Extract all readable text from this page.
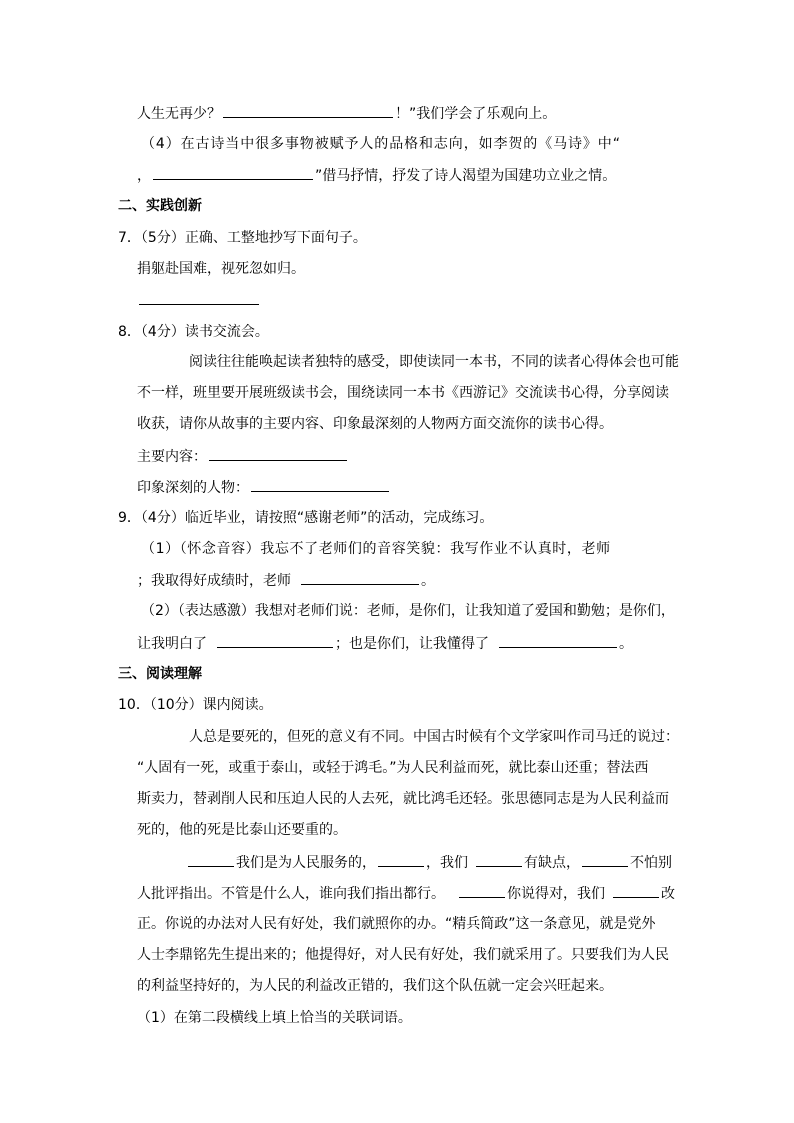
人生无再少？	！”我们学会了乐观向上。
（4）在古诗当中很多事物被赋予人的品格和志向，如李贺的《马诗》中“
，	”借马抒情，抒发了诗人渴望为国建功立业之情。
二、实践创新
7．（5分）正确、工整地抄写下面句子。
捐躯赴国难，视死忽如归。
8．（4分）读书交流会。
阅读往往能唤起读者独特的感受，即使读同一本书，不同的读者心得体会也可能
不一样，班里要开展班级读书会，围绕读同一本书《西游记》交流读书心得，分享阅读
收获，请你从故事的主要内容、印象最深刻的人物两方面交流你的读书心得。
主要内容：
印象深刻的人物：
9．（4分）临近毕业，请按照“感谢老师”的活动，完成练习。
（1）（怀念音容）我忘不了老师们的音容笑貌：我写作业不认真时，老师
；我取得好成绩时，老师	。
（2）（表达感激）我想对老师们说：老师，是你们，让我知道了爱国和勤勉；是你们，
让我明白了	；也是你们，让我懂得了	。
三、阅读理解
10．（10分）课内阅读。
人总是要死的，但死的意义有不同。中国古时候有个文学家叫作司马迁的说过：
“人固有一死，或重于泰山，或轻于鸿毛。”为人民利益而死，就比泰山还重；替法西
斯卖力，替剥削人民和压迫人民的人去死，就比鸿毛还轻。张思德同志是为人民利益而
死的，他的死是比泰山还要重的。
我们是为人民服务的，	，我们	有缺点，	不怕别
人批评指出。不管是什么人，谁向我们指出都行。	你说得对，我们	改
正。你说的办法对人民有好处，我们就照你的办。“精兵简政”这一条意见，就是党外
人士李鼎铭先生提出来的；他提得好，对人民有好处，我们就采用了。只要我们为人民
的利益坚持好的，为人民的利益改正错的，我们这个队伍就一定会兴旺起来。
（1）在第二段横线上填上恰当的关联词语。
